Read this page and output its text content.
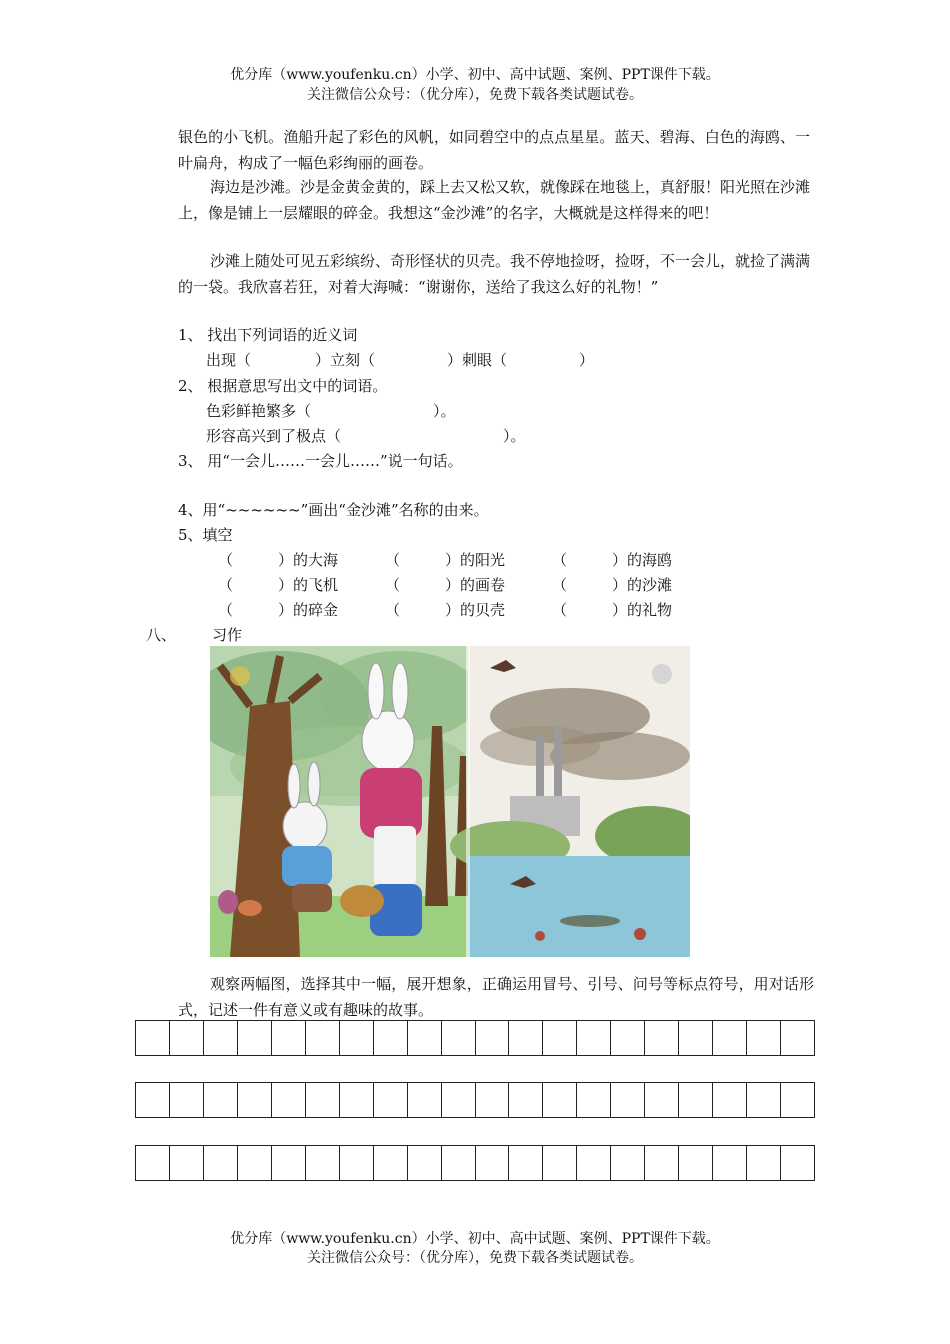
优分库（www.youfenku.cn）小学、初中、高中试题、案例、PPT课件下载。
关注微信公众号：（优分库），免费下载各类试题试卷。
银色的小飞机。渔船升起了彩色的风帆，如同碧空中的点点星星。蓝天、碧海、白色的海鸥、一叶扁舟，构成了一幅色彩绚丽的画卷。
海边是沙滩。沙是金黄金黄的，踩上去又松又软，就像踩在地毯上，真舒服！阳光照在沙滩上，像是铺上一层耀眼的碎金。我想这“金沙滩”的名字，大概就是这样得来的吧！
沙滩上随处可见五彩缤纷、奇形怪状的贝壳。我不停地捡呀，捡呀，不一会儿，就捡了满满的一袋。我欣喜若狂，对着大海喊：“谢谢你，送给了我这么好的礼物！”
1、 找出下列词语的近义词
出现（	）立刻（	）刺眼（	）
2、 根据意思写出文中的词语。
色彩鲜艳繁多（	）。
形容高兴到了极点（	）。
3、 用“一会儿……一会儿……”说一句话。
4、用“~~~~~~”画出“金沙滩”名称的由来。
5、填空
（　　　）的大海	（　　　）的阳光	（　　　）的海鸥
（　　　）的飞机	（　　　）的画卷	（　　　）的沙滩
（　　　）的碎金	（　　　）的贝壳	（　　　）的礼物
八、 习作
观察两幅图，选择其中一幅，展开想象，正确运用冒号、引号、问号等标点符号，用对话形式，记述一件有意义或有趣味的故事。
优分库（www.youfenku.cn）小学、初中、高中试题、案例、PPT课件下载。
关注微信公众号：（优分库），免费下载各类试题试卷。
